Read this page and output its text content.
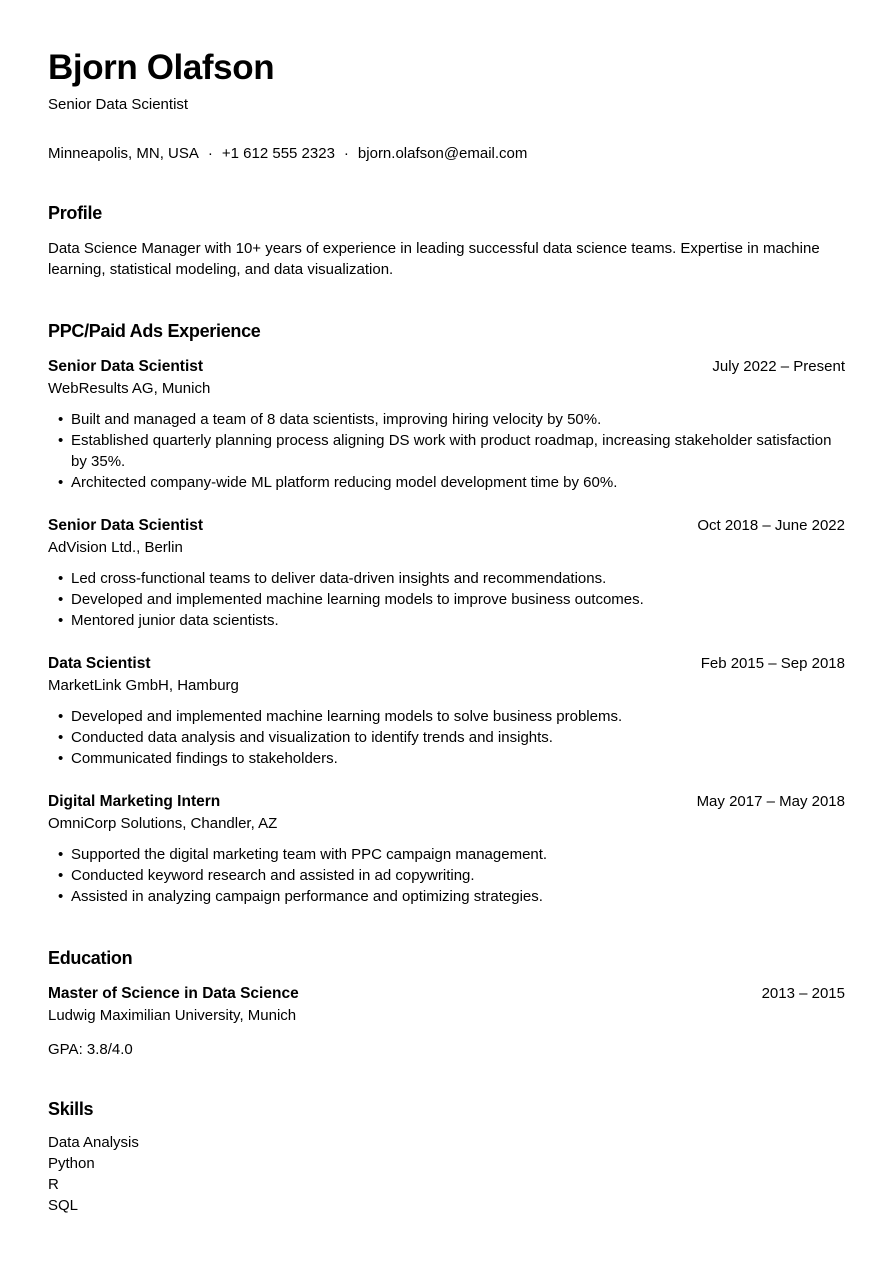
Bjorn Olafson
Senior Data Scientist
Minneapolis, MN, USA · +1 612 555 2323 · bjorn.olafson@email.com
Profile

Data Science Manager with 10+ years of experience in leading successful data science teams. Expertise in machine learning, statistical modeling, and data visualization.

PPC/Paid Ads Experience
Senior Data Scientist	July 2022 – Present
WebResults AG, Munich
• Built and managed a team of 8 data scientists, improving hiring velocity by 50%.
• Established quarterly planning process aligning DS work with product roadmap, increasing stakeholder satisfaction by 35%.
• Architected company-wide ML platform reducing model development time by 60%.
Senior Data Scientist	Oct 2018 – June 2022
AdVision Ltd., Berlin
• Led cross-functional teams to deliver data-driven insights and recommendations.
• Developed and implemented machine learning models to improve business outcomes.
• Mentored junior data scientists.
Data Scientist	Feb 2015 – Sep 2018
MarketLink GmbH, Hamburg
• Developed and implemented machine learning models to solve business problems.
• Conducted data analysis and visualization to identify trends and insights.
• Communicated findings to stakeholders.
Digital Marketing Intern	May 2017 – May 2018
OmniCorp Solutions, Chandler, AZ
• Supported the digital marketing team with PPC campaign management.
• Conducted keyword research and assisted in ad copywriting.
• Assisted in analyzing campaign performance and optimizing strategies.
Education
Master of Science in Data Science	2013 – 2015
Ludwig Maximilian University, Munich
GPA: 3.8/4.0
Skills
Data Analysis
Python
R
SQL
